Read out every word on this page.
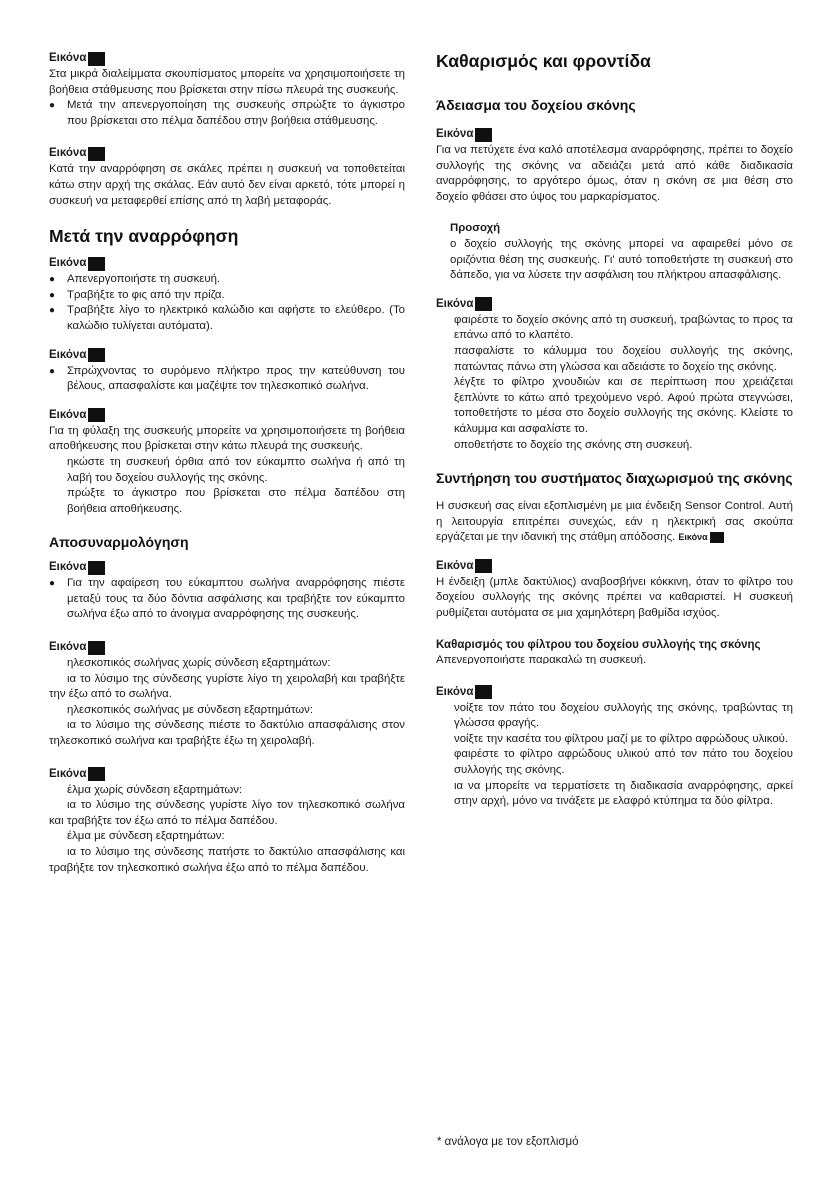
Εικόνα

Στα μικρά διαλείμματα σκουπίσματος μπορείτε να χρησιμοποιήσετε τη βοήθεια στάθμευσης που βρίσκεται στην πίσω πλευρά της συσκευής.

● Μετά την απενεργοποίηση της συσκευής σπρώξτε το άγκιστρο που βρίσκεται στο πέλμα δαπέδου στην βοήθεια στάθμευσης.

Εικόνα

Κατά την αναρρόφηση σε σκάλες πρέπει η συσκευή να τοποθετείται κάτω στην αρχή της σκάλας. Εάν αυτό δεν είναι αρκετό, τότε μπορεί η συσκευή να μεταφερθεί επίσης από τη λαβή μεταφοράς.

Μετά την αναρρόφηση
Εικόνα

● Απενεργοποιήστε τη συσκευή.

● Τραβήξτε το φις από την πρίζα.

● Τραβήξτε λίγο το ηλεκτρικό καλώδιο και αφήστε το ελεύθερο. (Το καλώδιο τυλίγεται αυτόματα).

Εικόνα

● Σπρώχνοντας το συρόμενο πλήκτρο προς την κατεύθυνση του βέλους, απασφαλίστε και μαζέψτε τον τηλεσκοπικό σωλήνα.

Εικόνα

Για τη φύλαξη της συσκευής μπορείτε να χρησιμοποιήσετε τη βοήθεια αποθήκευσης που βρίσκεται στην κάτω πλευρά της συσκευής.

ηκώστε τη συσκευή όρθια από τον εύκαμπτο σωλήνα ή από τη λαβή του δοχείου συλλογής της σκόνης.

πρώξτε το άγκιστρο που βρίσκεται στο πέλμα δαπέδου στη βοήθεια αποθήκευσης.

Αποσυναρμολόγηση
Εικόνα

● Για την αφαίρεση του εύκαμπτου σωλήνα αναρρόφησης πιέστε μεταξύ τους τα δύο δόντια ασφάλισης και τραβήξτε τον εύκαμπτο σωλήνα έξω από το άνοιγμα αναρρόφησης της συσκευής.

Εικόνα

ηλεσκοπικός σωλήνας χωρίς σύνδεση εξαρτημάτων:

ια το λύσιμο της σύνδεσης γυρίστε λίγο τη χειρολαβή και τραβήξτε την έξω από το σωλήνα.

ηλεσκοπικός σωλήνας με σύνδεση εξαρτημάτων:

ια το λύσιμο της σύνδεσης πιέστε το δακτύλιο απασφάλισης στον τηλεσκοπικό σωλήνα και τραβήξτε έξω τη χειρολαβή.

Εικόνα

έλμα χωρίς σύνδεση εξαρτημάτων:

ια το λύσιμο της σύνδεσης γυρίστε λίγο τον τηλεσκοπικό σωλήνα και τραβήξτε τον έξω από το πέλμα δαπέδου.

έλμα με σύνδεση εξαρτημάτων:

ια το λύσιμο της σύνδεσης πατήστε το δακτύλιο απασφάλισης και τραβήξτε τον τηλεσκοπικό σωλήνα έξω από το πέλμα δαπέδου.

Καθαρισμός και φροντίδα
Άδειασμα του δοχείου σκόνης
Εικόνα

Για να πετύχετε ένα καλό αποτέλεσμα αναρρόφησης, πρέπει το δοχείο συλλογής της σκόνης να αδειάζει μετά από κάθε διαδικασία αναρρόφησης, το αργότερο όμως, όταν η σκόνη σε μια θέση στο δοχείο φθάσει στο ύψος του μαρκαρίσματος.

Προσοχή

ο δοχείο συλλογής της σκόνης μπορεί να αφαιρεθεί μόνο σε οριζόντια θέση της συσκευής. Γι' αυτό τοποθετήστε τη συσκευή στο δάπεδο, για να λύσετε την ασφάλιση του πλήκτρου απασφάλισης.

Εικόνα

φαιρέστε το δοχείο σκόνης από τη συσκευή, τραβώντας το προς τα επάνω από το κλαπέτο.

πασφαλίστε το κάλυμμα του δοχείου συλλογής της σκόνης, πατώντας πάνω στη γλώσσα και αδειάστε το δοχείο της σκόνης.

λέγξτε το φίλτρο χνουδιών και σε περίπτωση που χρειάζεται ξεπλύντε το κάτω από τρεχούμενο νερό. Αφού πρώτα στεγνώσει, τοποθετήστε το μέσα στο δοχείο συλλογής της σκόνης. Κλείστε το κάλυμμα και ασφαλίστε το.

οποθετήστε το δοχείο της σκόνης στη συσκευή.

Συντήρηση του συστήματος διαχωρισμού της σκόνης

Η συσκευή σας είναι εξοπλισμένη με μια ένδειξη Sensor Control. Αυτή η λειτουργία επιτρέπει συνεχώς, εάν η ηλεκτρική σας σκούπα εργάζεται με την ιδανική της στάθμη απόδοσης. Εικόνα

Εικόνα

Η ένδειξη (μπλε δακτύλιος) αναβοσβήνει κόκκινη, όταν το φίλτρο του δοχείου συλλογής της σκόνης πρέπει να καθαριστεί. Η συσκευή ρυθμίζεται αυτόματα σε μια χαμηλότερη βαθμίδα ισχύος.

Καθαρισμός του φίλτρου του δοχείου συλλογής της σκόνης

Απενεργοποιήστε παρακαλώ τη συσκευή.

Εικόνα

νοίξτε τον πάτο του δοχείου συλλογής της σκόνης, τραβώντας τη γλώσσα φραγής.

νοίξτε την κασέτα του φίλτρου μαζί με το φίλτρο αφρώδους υλικού.

φαιρέστε το φίλτρο αφρώδους υλικού από τον πάτο του δοχείου συλλογής της σκόνης.

ια να μπορείτε να τερματίσετε τη διαδικασία αναρρόφησης, αρκεί στην αρχή, μόνο να τινάξετε με ελαφρό κτύπημα τα δύο φίλτρα.

* ανάλογα με τον εξοπλισμό
